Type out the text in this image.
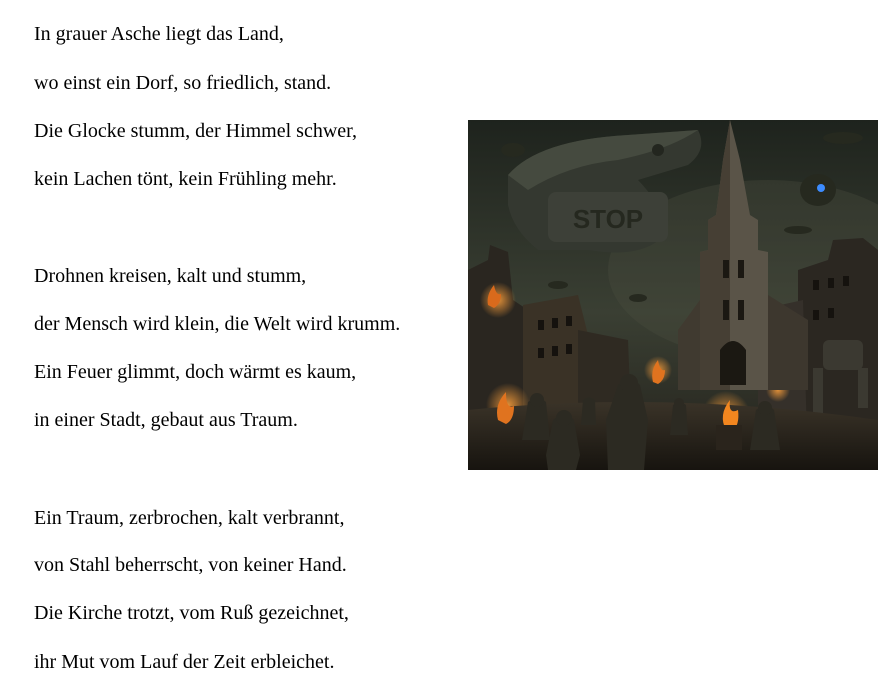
In grauer Asche liegt das Land,
wo einst ein Dorf, so friedlich, stand.
Die Glocke stumm, der Himmel schwer,
kein Lachen tönt, kein Frühling mehr.
Drohnen kreisen, kalt und stumm,
der Mensch wird klein, die Welt wird krumm.
Ein Feuer glimmt, doch wärmt es kaum,
in einer Stadt, gebaut aus Traum.
Ein Traum, zerbrochen, kalt verbrannt,
von Stahl beherrscht, von keiner Hand.
Die Kirche trotzt, vom Ruß gezeichnet,
ihr Mut vom Lauf der Zeit erbleichet.
STOP
